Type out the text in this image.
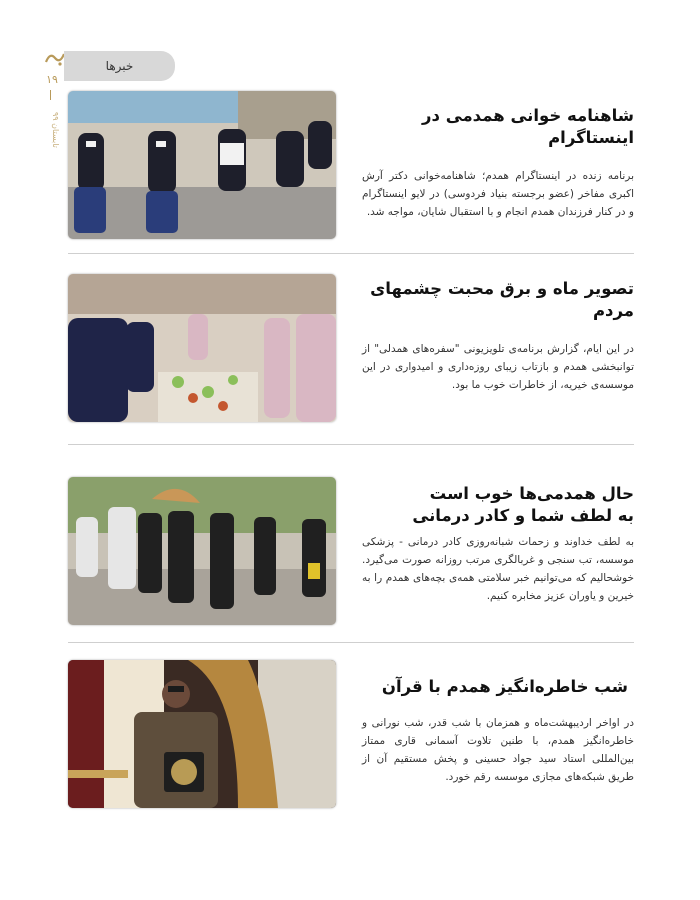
۱۹
تابستان ۹۹
خبرها
شاهنامه خوانی همدمی در اینستاگرام
برنامه زنده در اینستاگرام همدم؛ شاهنامه‌خوانی دکتر آرش اکبری مفاخر (عضو برجسته بنیاد فردوسی) در لایو اینستاگرام و در کنار فرزندان همدم انجام و با استقبال شایان، مواجه شد.
تصویر ماه و برق محبت چشمهای مردم
در این ایام، گزارش برنامه‌ی تلویزیونی "سفره‌های همدلی" از توانبخشی همدم و بازتاب زیبای روزه‌داری و امیدواری در این موسسه‌ی خیریه، از خاطرات خوب ما بود.
حال همدمی‌ها خوب است
به لطف شما و کادر درمانی
به لطف خداوند و زحمات شبانه‌روزی کادر درمانی - پزشکی موسسه، تب سنجی و غربالگری مرتب روزانه صورت می‌گیرد. خوشحالیم که می‌توانیم خبر سلامتی همه‌ی بچه‌های همدم را به خیرین و یاوران عزیز مخابره کنیم.
شب خاطره‌انگیز همدم با قرآن
در اواخر اردیبهشت‌ماه و همزمان با شب قدر، شب نورانی و خاطره‌انگیز همدم، با طنین تلاوت آسمانی قاری ممتاز بین‌المللی استاد سید جواد حسینی و پخش مستقیم آن از طریق شبکه‌های مجازی موسسه رقم خورد.
